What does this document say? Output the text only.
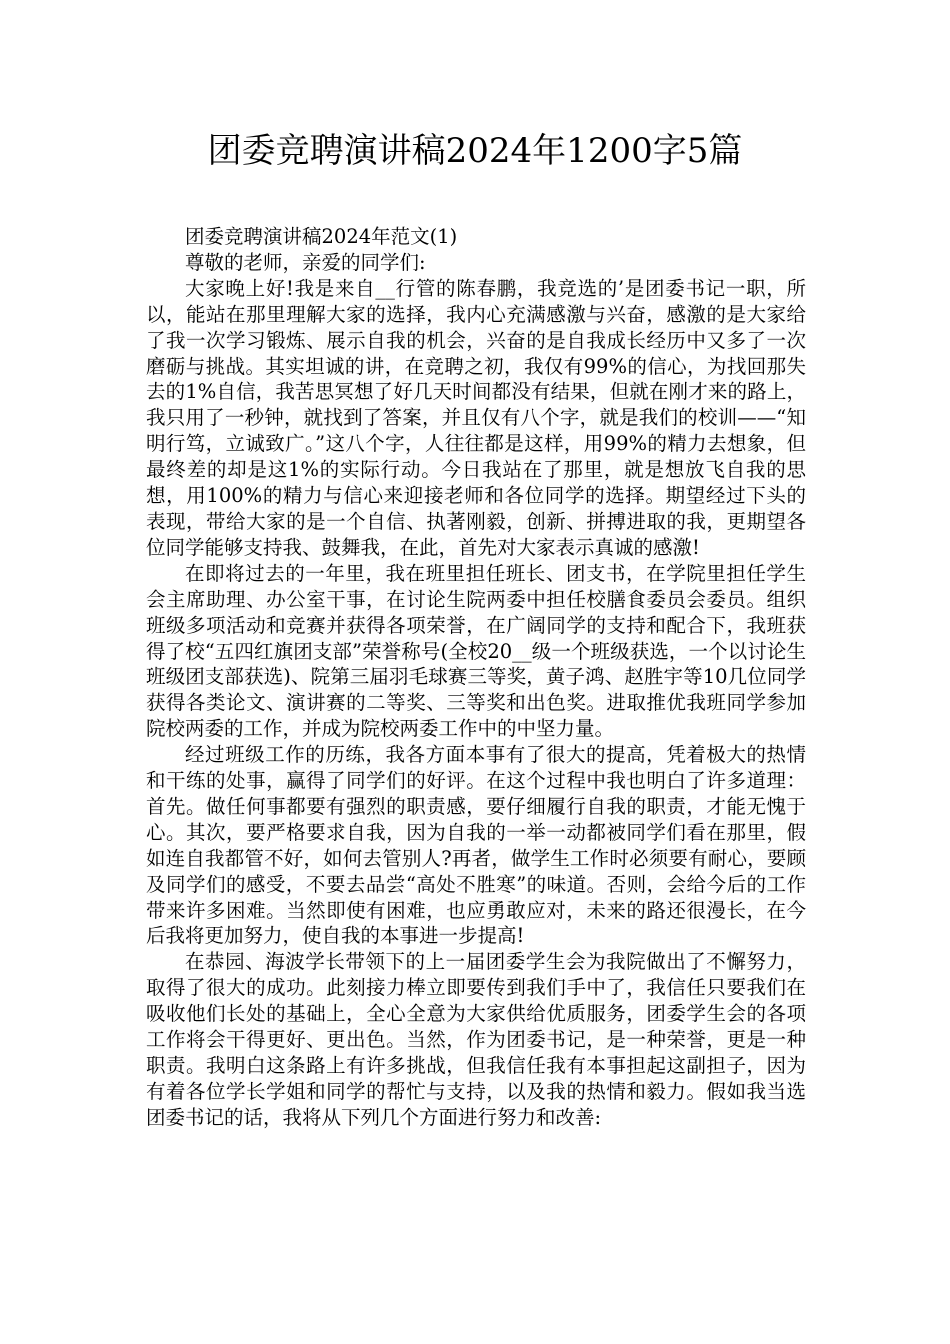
团委竞聘演讲稿2024年1200字5篇

团委竞聘演讲稿2024年范文(1)

尊敬的老师，亲爱的同学们:

大家晚上好!我是来自__行管的陈春鹏，我竞选的’是团委书记一职，所以，能站在那里理解大家的选择，我内心充满感激与兴奋，感激的是大家给了我一次学习锻炼、展示自我的机会，兴奋的是自我成长经历中又多了一次磨砺与挑战。其实坦诚的讲，在竞聘之初，我仅有99%的信心，为找回那失去的1%自信，我苦思冥想了好几天时间都没有结果，但就在刚才来的路上，我只用了一秒钟，就找到了答案，并且仅有八个字，就是我们的校训——“知明行笃，立诚致广。”这八个字，人往往都是这样，用99%的精力去想象，但最终差的却是这1%的实际行动。今日我站在了那里，就是想放飞自我的思想，用100%的精力与信心来迎接老师和各位同学的选择。期望经过下头的表现，带给大家的是一个自信、执著刚毅，创新、拼搏进取的我，更期望各位同学能够支持我、鼓舞我，在此，首先对大家表示真诚的感激!

在即将过去的一年里，我在班里担任班长、团支书，在学院里担任学生会主席助理、办公室干事，在讨论生院两委中担任校膳食委员会委员。组织班级多项活动和竞赛并获得各项荣誉，在广阔同学的支持和配合下，我班获得了校“五四红旗团支部”荣誉称号(全校20__级一个班级获选，一个以讨论生班级团支部获选)、院第三届羽毛球赛三等奖，黄子鸿、赵胜宇等10几位同学获得各类论文、演讲赛的二等奖、三等奖和出色奖。进取推优我班同学参加院校两委的工作，并成为院校两委工作中的中坚力量。

经过班级工作的历练，我各方面本事有了很大的提高，凭着极大的热情和干练的处事，赢得了同学们的好评。在这个过程中我也明白了许多道理：首先。做任何事都要有强烈的职责感，要仔细履行自我的职责，才能无愧于心。其次，要严格要求自我，因为自我的一举一动都被同学们看在那里，假如连自我都管不好，如何去管别人?再者，做学生工作时必须要有耐心，要顾及同学们的感受，不要去品尝“高处不胜寒”的味道。否则，会给今后的工作带来许多困难。当然即使有困难，也应勇敢应对，未来的路还很漫长，在今后我将更加努力，使自我的本事进一步提高!

在恭园、海波学长带领下的上一届团委学生会为我院做出了不懈努力，取得了很大的成功。此刻接力棒立即要传到我们手中了，我信任只要我们在吸收他们长处的基础上，全心全意为大家供给优质服务，团委学生会的各项工作将会干得更好、更出色。当然，作为团委书记，是一种荣誉，更是一种职责。我明白这条路上有许多挑战，但我信任我有本事担起这副担子，因为有着各位学长学姐和同学的帮忙与支持，以及我的热情和毅力。假如我当选团委书记的话，我将从下列几个方面进行努力和改善:
